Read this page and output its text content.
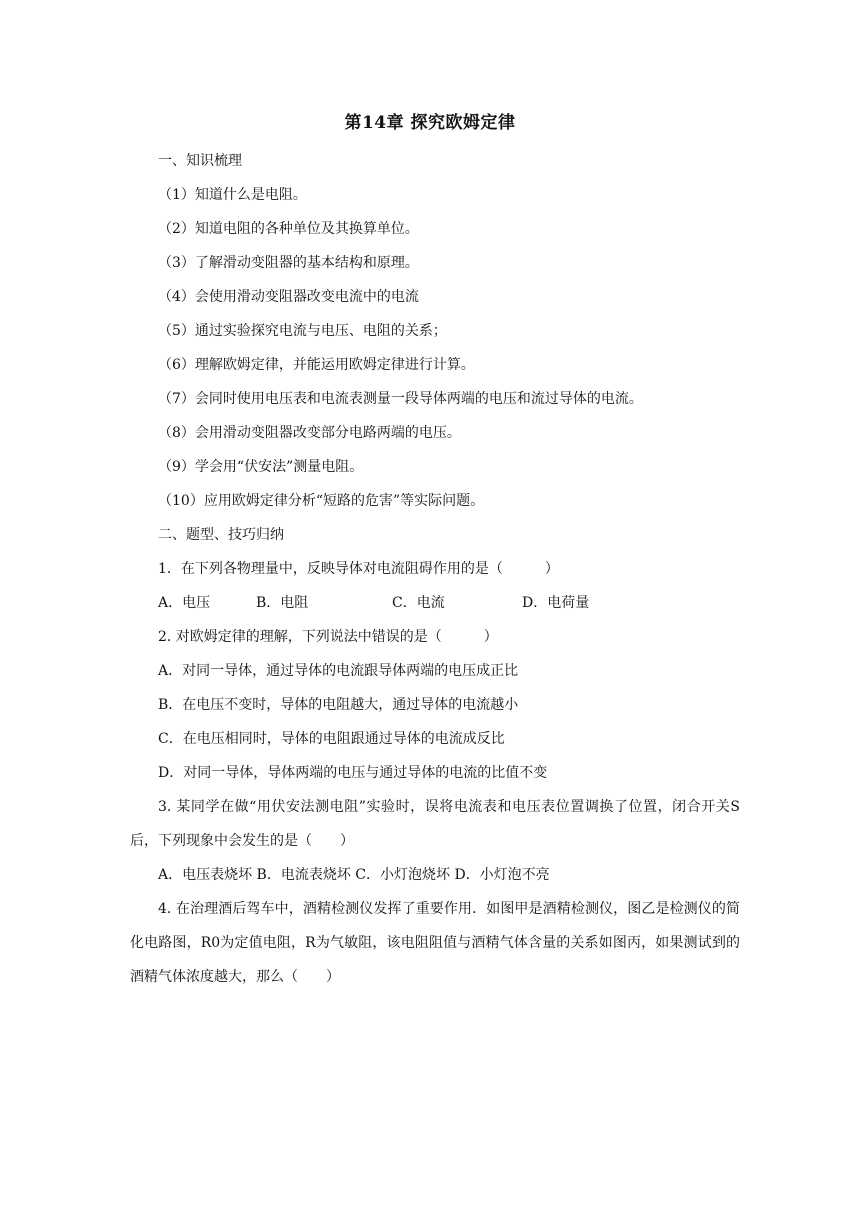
第14章 探究欧姆定律
一、知识梳理
（1）知道什么是电阻。
（2）知道电阻的各种单位及其换算单位。
（3）了解滑动变阻器的基本结构和原理。
（4）会使用滑动变阻器改变电流中的电流
（5）通过实验探究电流与电压、电阻的关系；
（6）理解欧姆定律，并能运用欧姆定律进行计算。
（7）会同时使用电压表和电流表测量一段导体两端的电压和流过导体的电流。
（8）会用滑动变阻器改变部分电路两端的电压。
（9）学会用“伏安法”测量电阻。
（10）应用欧姆定律分析“短路的危害”等实际问题。
二、题型、技巧归纳
1．在下列各物理量中，反映导体对电流阻碍作用的是（　　　）
A．电压	B．电阻	C．电流	D．电荷量
2. 对欧姆定律的理解，下列说法中错误的是（　　　）
A．对同一导体，通过导体的电流跟导体两端的电压成正比
B．在电压不变时，导体的电阻越大，通过导体的电流越小
C．在电压相同时，导体的电阻跟通过导体的电流成反比
D．对同一导体，导体两端的电压与通过导体的电流的比值不变
3. 某同学在做“用伏安法测电阻”实验时，误将电流表和电压表位置调换了位置，闭合开关S后，下列现象中会发生的是（　　）
A．电压表烧坏 B．电流表烧坏 C．小灯泡烧坏 D．小灯泡不亮
4. 在治理酒后驾车中，酒精检测仪发挥了重要作用．如图甲是酒精检测仪，图乙是检测仪的简化电路图，R0为定值电阻，R为气敏阻，该电阻阻值与酒精气体含量的关系如图丙，如果测试到的酒精气体浓度越大，那么（　　）
